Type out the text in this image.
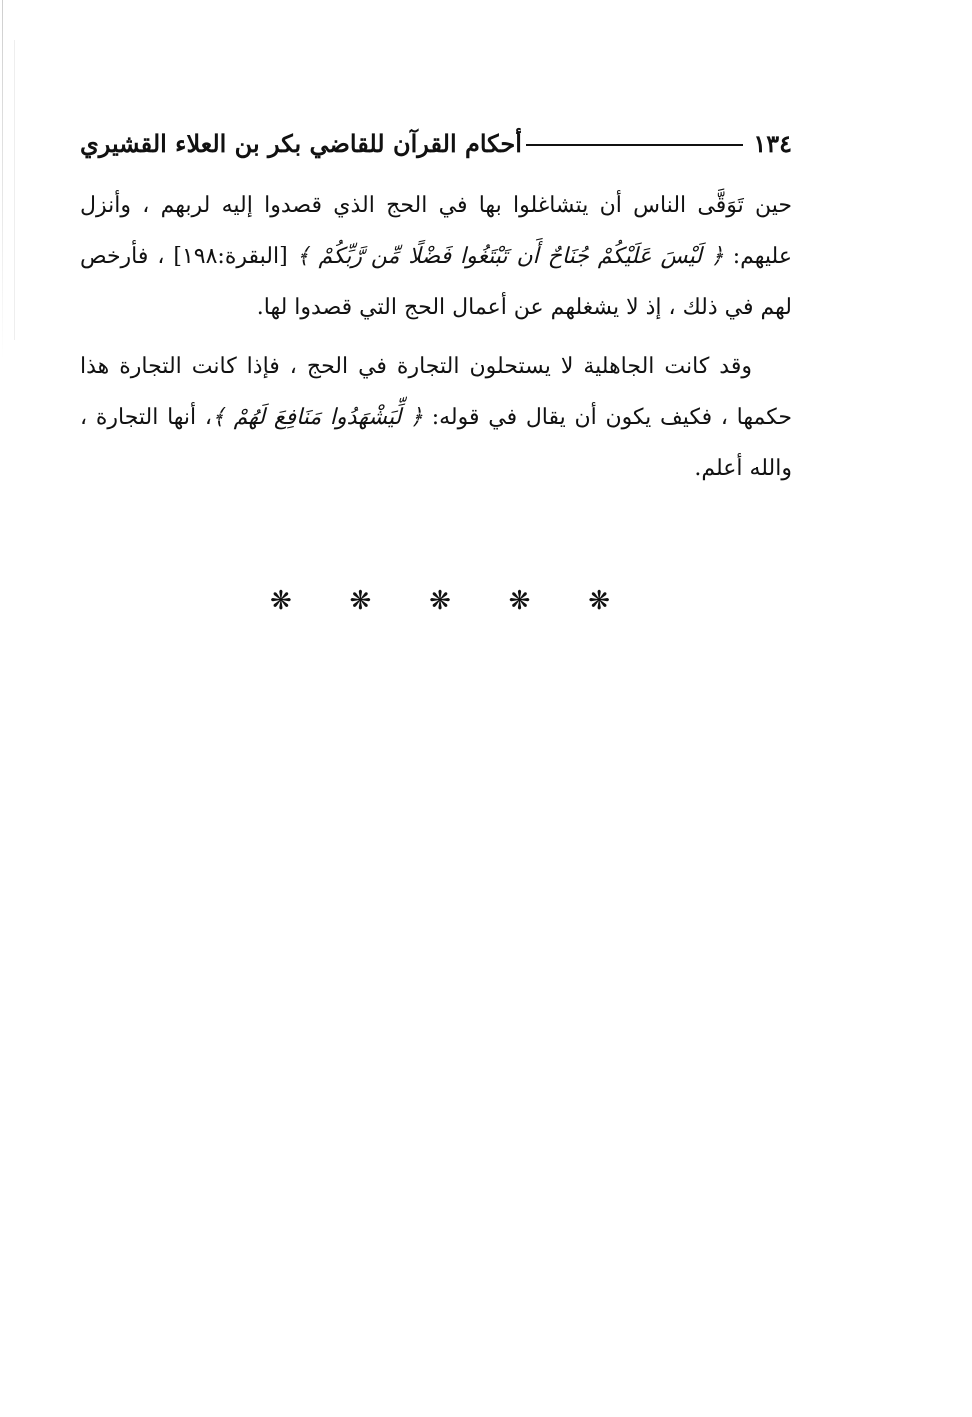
١٣٤
أحكام القرآن للقاضي بكر بن العلاء القشيري

حين تَوَقَّى الناس أن يتشاغلوا بها في الحج الذي قصدوا إليه لربهم ، وأنزل عليهم: ﴿ لَيْسَ عَلَيْكُمْ جُنَاحٌ أَن تَبْتَغُوا فَضْلًا مِّن رَّبِّكُمْ ﴾ [البقرة:١٩٨] ، فأرخص لهم في ذلك ، إذ لا يشغلهم عن أعمال الحج التي قصدوا لها.

وقد كانت الجاهلية لا يستحلون التجارة في الحج ، فإذا كانت التجارة هذا حكمها ، فكيف يكون أن يقال في قوله: ﴿ لِّيَشْهَدُوا مَنَافِعَ لَهُمْ ﴾، أنها التجارة ، والله أعلم.

❋ ❋ ❋ ❋ ❋
